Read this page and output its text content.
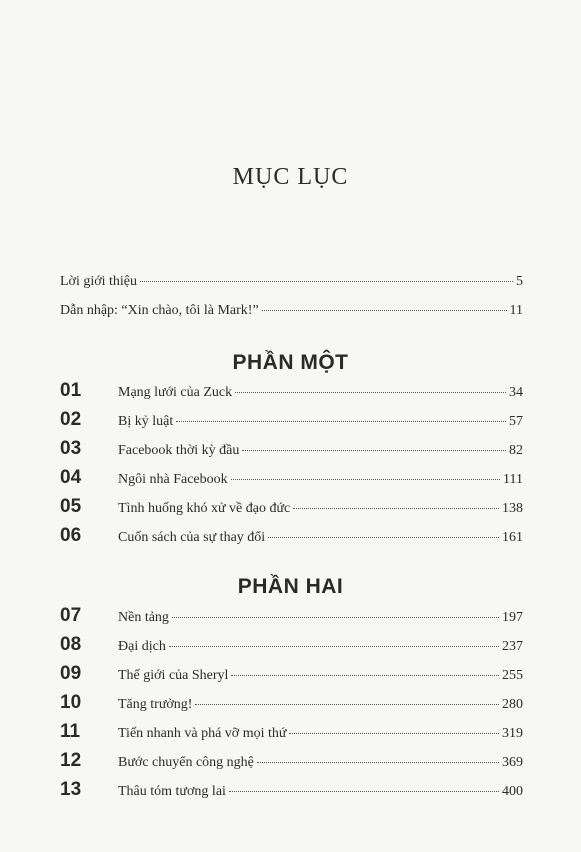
MỤC LỤC
Lời giới thiệu	5
Dẫn nhập: “Xin chào, tôi là Mark!”	11
PHẦN MỘT
01	Mạng lưới của Zuck	34
02	Bị kỷ luật	57
03	Facebook thời kỳ đầu	82
04	Ngôi nhà Facebook	111
05	Tình huống khó xử về đạo đức	138
06	Cuốn sách của sự thay đổi	161
PHẦN HAI
07	Nền tảng	197
08	Đại dịch	237
09	Thế giới của Sheryl	255
10	Tăng trưởng!	280
11	Tiến nhanh và phá vỡ mọi thứ	319
12	Bước chuyển công nghệ	369
13	Thâu tóm tương lai	400
